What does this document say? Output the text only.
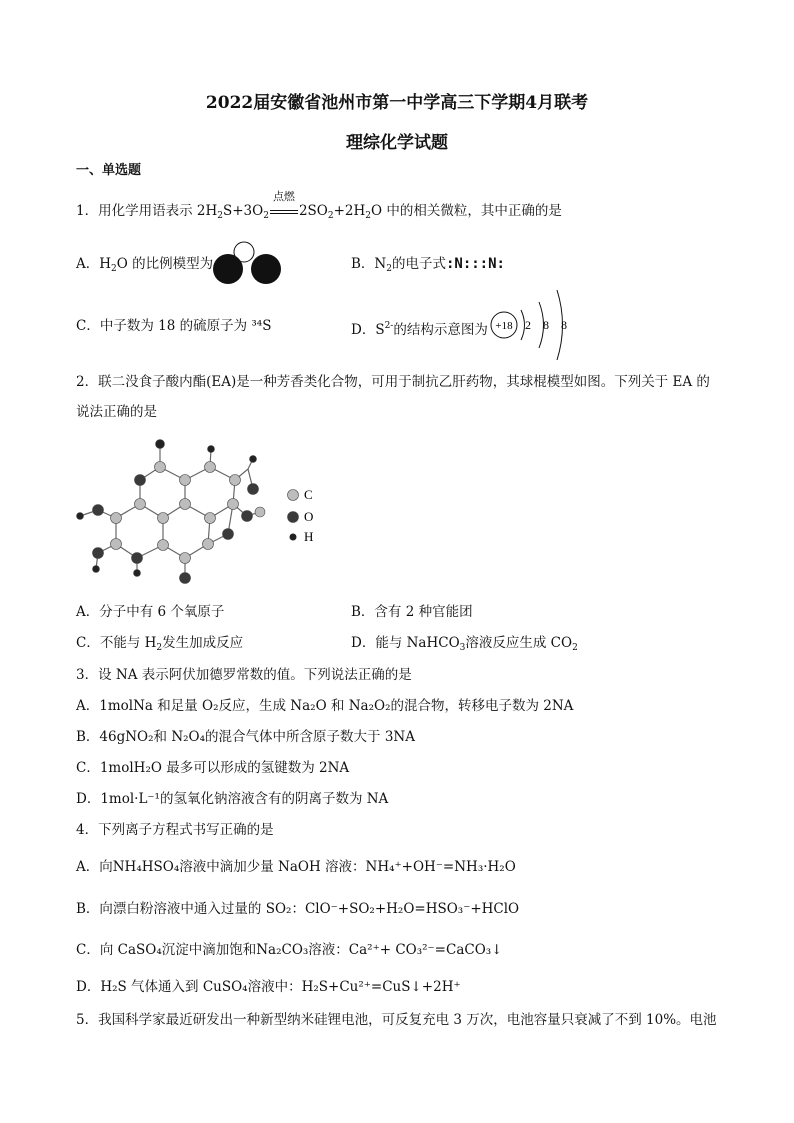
2022届安徽省池州市第一中学高三下学期4月联考
理综化学试题
一、单选题
1．用化学用语表示 $2H_2S+3O_2$
点燃
$2SO_2+2H_2O$ 中的相关微粒，其中正确的是
A．$H_2O$ 的比例模型为	B．$N_2$的电子式:N:::N:
C．中子数为 18 的硫原子为 ³⁴S	D．$S^{2-}$的结构示意图为 +18 2 8 8
2．联二没食子酸内酯(EA)是一种芳香类化合物，可用于制抗乙肝药物，其球棍模型如图。下列关于 EA 的
说法正确的是
C
O
H
A．分子中有 6 个氧原子	B．含有 2 种官能团
C．不能与 $H_2$发生加成反应	D．能与 NaHCO$_3$溶液反应生成 $CO_2$
3．设 NA 表示阿伏加德罗常数的值。下列说法正确的是
A．1molNa 和足量 O₂反应，生成 Na₂O 和 Na₂O₂的混合物，转移电子数为 2NA
B．46gNO₂和 N₂O₄的混合气体中所含原子数大于 3NA
C．1molH₂O 最多可以形成的氢键数为 2NA
D．1mol·L⁻¹的氢氧化钠溶液含有的阴离子数为 NA
4．下列离子方程式书写正确的是
A．向NH₄HSO₄溶液中滴加少量 NaOH 溶液：NH₄⁺+OH⁻=NH₃·H₂O
B．向漂白粉溶液中通入过量的 SO₂：ClO⁻+SO₂+H₂O=HSO₃⁻+HClO
C．向 CaSO₄沉淀中滴加饱和Na₂CO₃溶液：Ca²⁺+ CO₃²⁻=CaCO₃↓
D．H₂S 气体通入到 CuSO₄溶液中：H₂S+Cu²⁺=CuS↓+2H⁺
5．我国科学家最近研发出一种新型纳米硅锂电池，可反复充电 3 万次，电池容量只衰减了不到 10%。电池
